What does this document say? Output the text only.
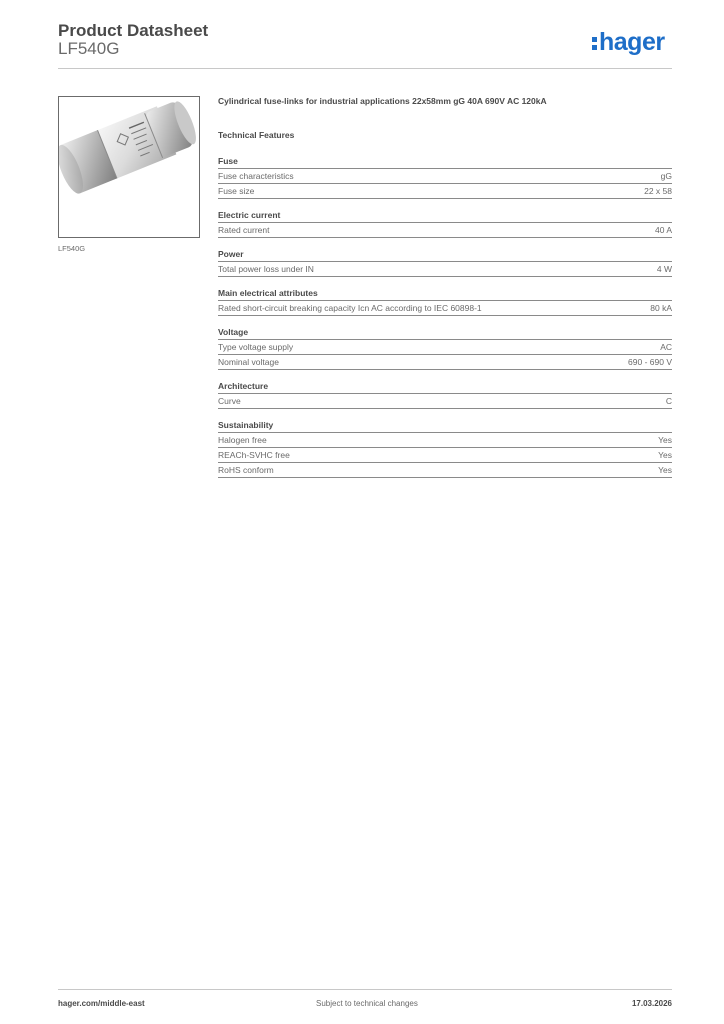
Product Datasheet
LF540G	hager
LF540G
Cylindrical fuse-links for industrial applications 22x58mm gG 40A 690V AC 120kA
Technical Features
Fuse
Fuse characteristics	gG
Fuse size	22 x 58
Electric current
Rated current	40 A
Power
Total power loss under IN	4 W
Main electrical attributes
Rated short-circuit breaking capacity Icn AC according to IEC 60898-1	80 kA
Voltage
Type voltage supply	AC
Nominal voltage	690 - 690 V
Architecture
Curve	C
Sustainability
Halogen free	Yes
REACh-SVHC free	Yes
RoHS conform	Yes
hager.com/middle-east	Subject to technical changes	17.03.2026
